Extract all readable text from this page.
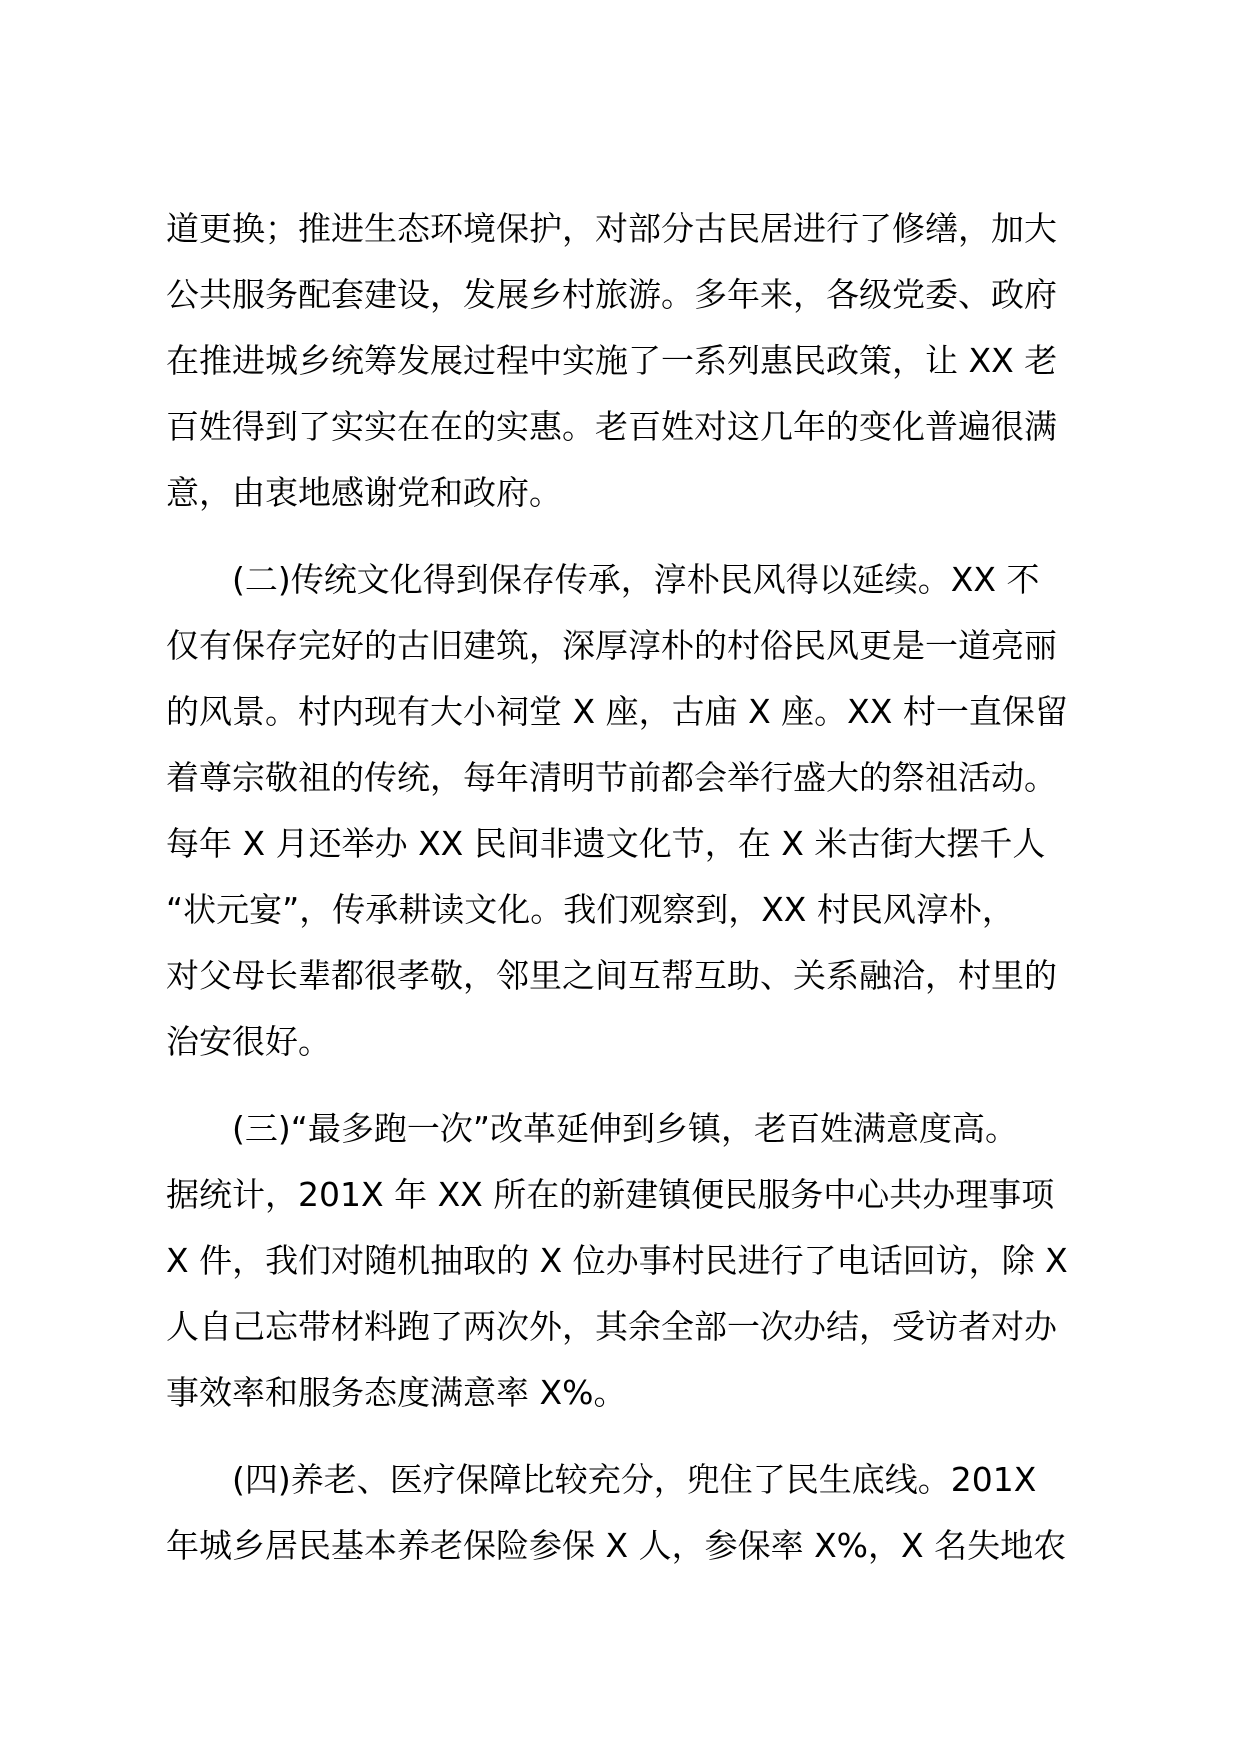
道更换；推进生态环境保护，对部分古民居进行了修缮，加大
公共服务配套建设，发展乡村旅游。多年来，各级党委、政府
在推进城乡统筹发展过程中实施了一系列惠民政策，让 XX 老
百姓得到了实实在在的实惠。老百姓对这几年的变化普遍很满
意，由衷地感谢党和政府。

(二)传统文化得到保存传承，淳朴民风得以延续。XX 不
仅有保存完好的古旧建筑，深厚淳朴的村俗民风更是一道亮丽
的风景。村内现有大小祠堂 X 座，古庙 X 座。XX 村一直保留
着尊宗敬祖的传统，每年清明节前都会举行盛大的祭祖活动。
每年 X 月还举办 XX 民间非遗文化节，在 X 米古街大摆千人
“状元宴”，传承耕读文化。我们观察到，XX 村民风淳朴，
对父母长辈都很孝敬，邻里之间互帮互助、关系融洽，村里的
治安很好。

(三)“最多跑一次”改革延伸到乡镇，老百姓满意度高。
据统计，201X 年 XX 所在的新建镇便民服务中心共办理事项
X 件，我们对随机抽取的 X 位办事村民进行了电话回访，除 X
人自己忘带材料跑了两次外，其余全部一次办结，受访者对办
事效率和服务态度满意率 X%。

(四)养老、医疗保障比较充分，兜住了民生底线。201X
年城乡居民基本养老保险参保 X 人，参保率 X%，X 名失地农
